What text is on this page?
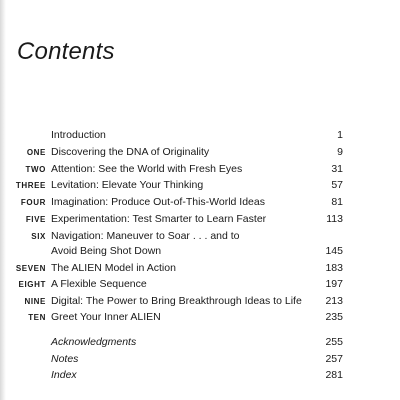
Contents
Introduction	1
ONE Discovering the DNA of Originality	9
TWO Attention: See the World with Fresh Eyes	31
THREE Levitation: Elevate Your Thinking	57
FOUR Imagination: Produce Out-of-This-World Ideas	81
FIVE Experimentation: Test Smarter to Learn Faster	113
SIX Navigation: Maneuver to Soar . . . and to
Avoid Being Shot Down	145
SEVEN The ALIEN Model in Action	183
EIGHT A Flexible Sequence	197
NINE Digital: The Power to Bring Breakthrough Ideas to Life 213
TEN Greet Your Inner ALIEN	235
Acknowledgments	255
Notes	257
Index	281
